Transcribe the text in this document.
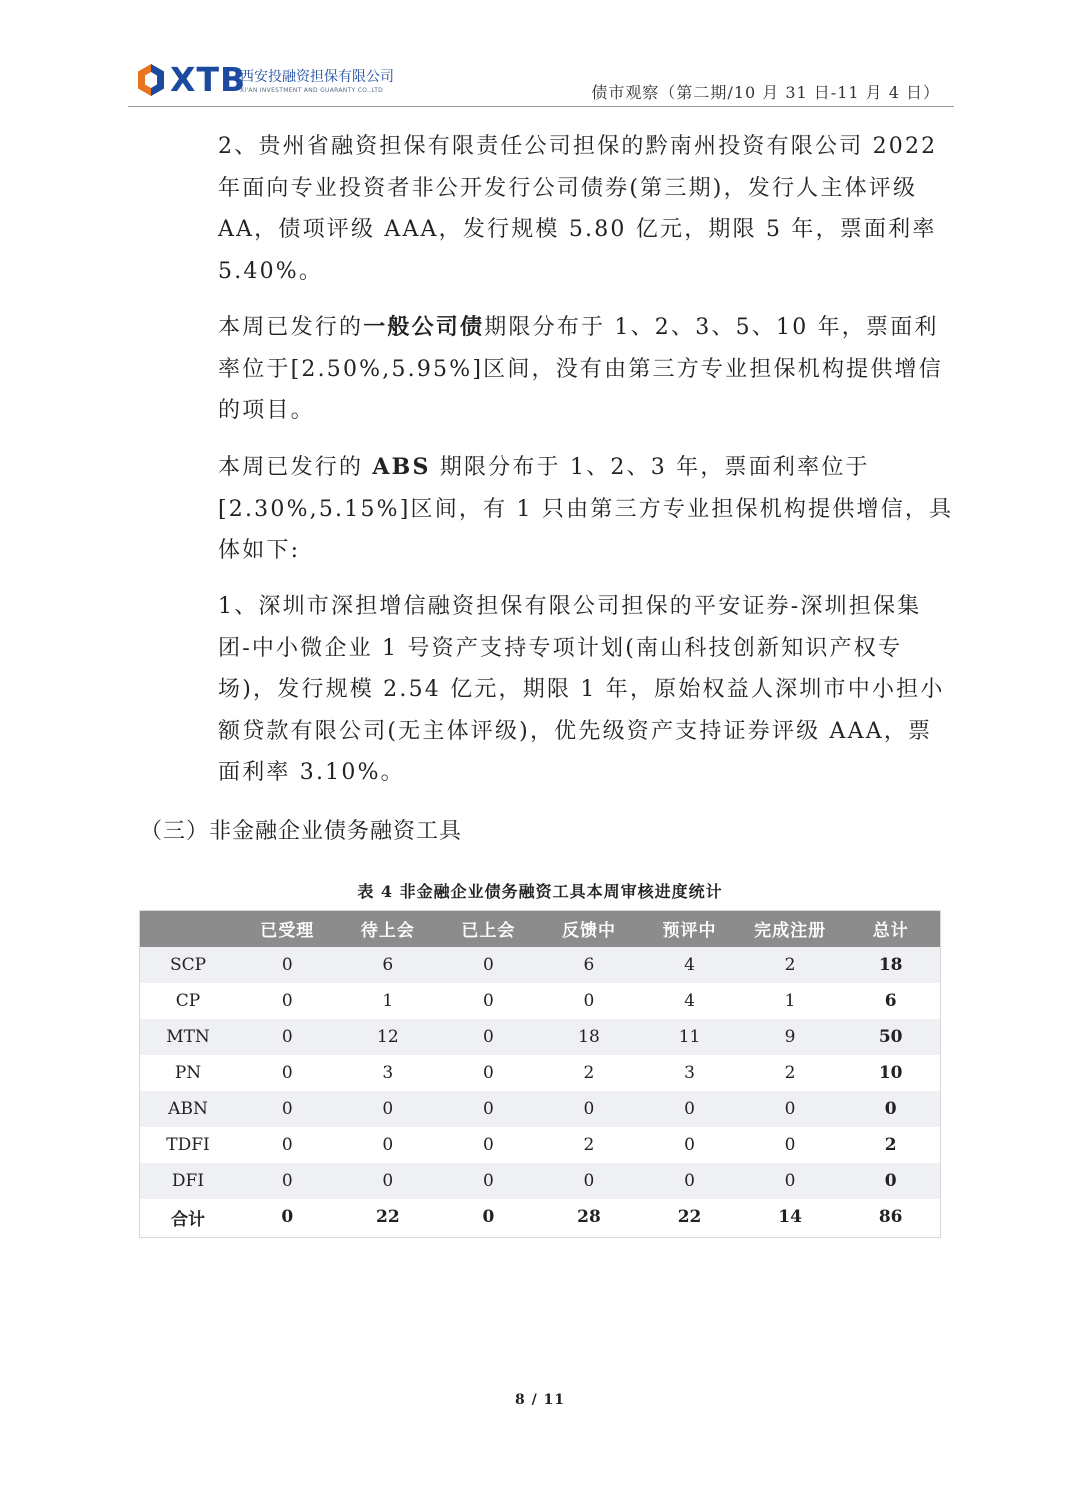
XTB
西安投融资担保有限公司
XI'AN INVESTMENT AND GUARANTY CO.,LTD	债市观察（第二期/10 月 31 日-11 月 4 日）

2、贵州省融资担保有限责任公司担保的黔南州投资有限公司 2022 年面向专业投资者非公开发行公司债券(第三期)，发行人主体评级 AA，债项评级 AAA，发行规模 5.80 亿元，期限 5 年，票面利率 5.40%。

本周已发行的一般公司债期限分布于 1、2、3、5、10 年，票面利率位于[2.50%,5.95%]区间，没有由第三方专业担保机构提供增信的项目。

本周已发行的 ABS 期限分布于 1、2、3 年，票面利率位于[2.30%,5.15%]区间，有 1 只由第三方专业担保机构提供增信，具体如下:

1、深圳市深担增信融资担保有限公司担保的平安证券-深圳担保集团-中小微企业 1 号资产支持专项计划(南山科技创新知识产权专场)，发行规模 2.54 亿元，期限 1 年，原始权益人深圳市中小担小额贷款有限公司(无主体评级)，优先级资产支持证券评级 AAA，票面利率 3.10%。

（三）非金融企业债务融资工具
表 4 非金融企业债务融资工具本周审核进度统计
	已受理	待上会	已上会	反馈中	预评中	完成注册	总计
SCP	0	6	0	6	4	2	18
CP	0	1	0	0	4	1	6
MTN	0	12	0	18	11	9	50
PN	0	3	0	2	3	2	10
ABN	0	0	0	0	0	0	0
TDFI	0	0	0	2	0	0	2
DFI	0	0	0	0	0	0	0
合计	0	22	0	28	22	14	86
8 / 11
